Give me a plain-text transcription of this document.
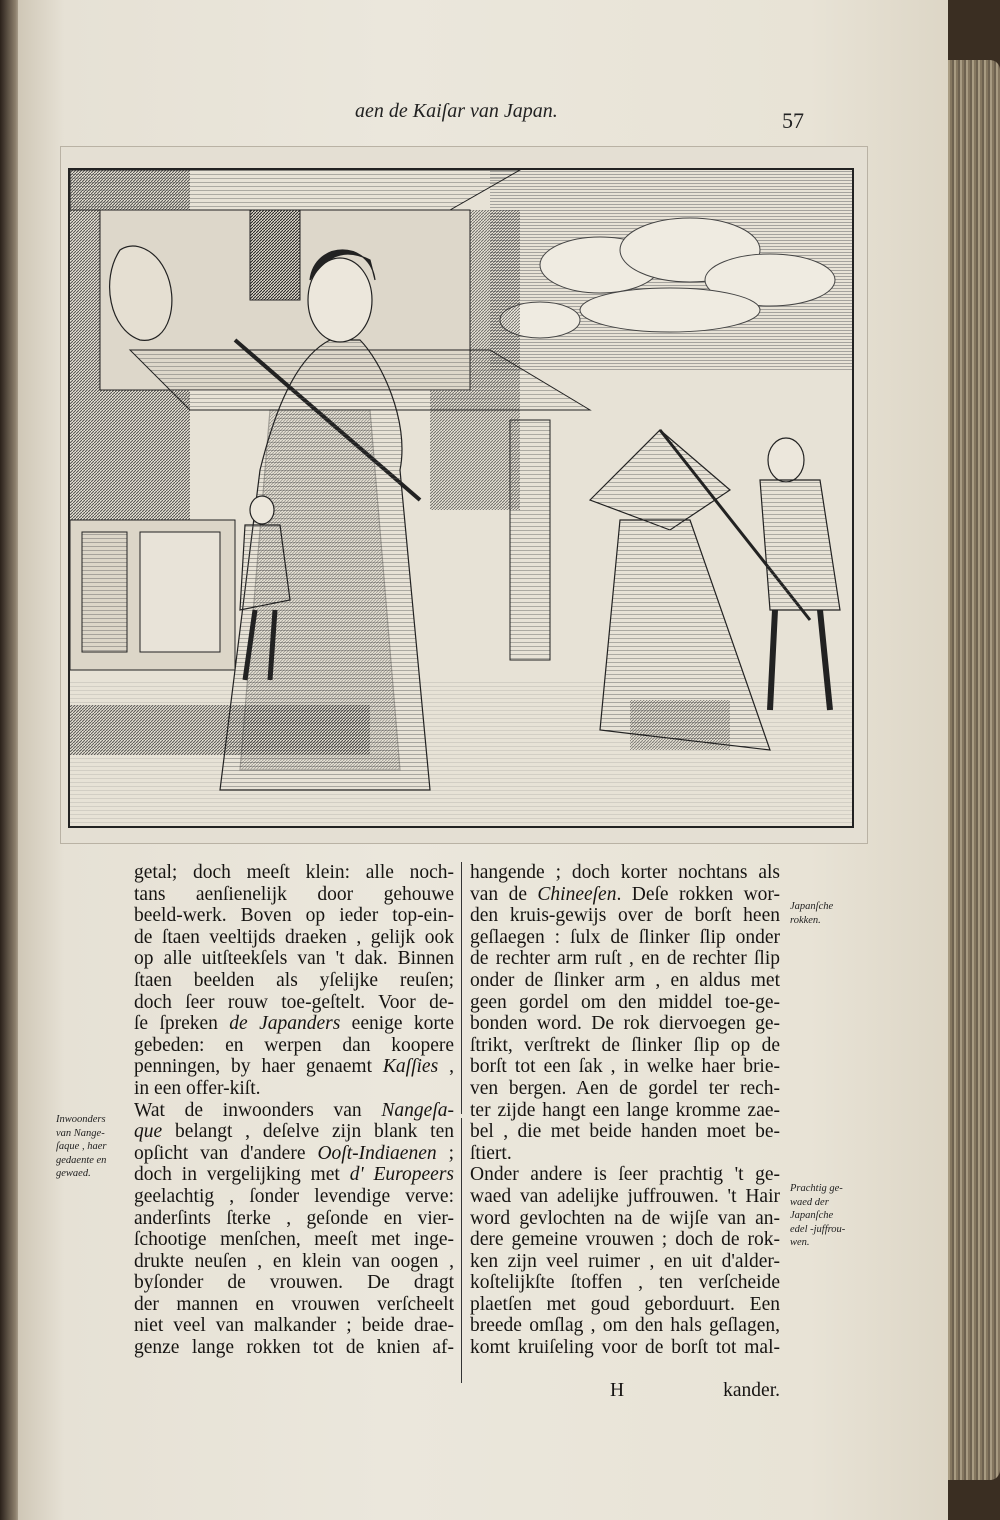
aen de Kaiſar van Japan.	57
getal; doch meeſt klein: alle noch-
tans aenſienelijk door gehouwe
beeld-werk. Boven op ieder top-ein-
de ſtaen veeltijds draeken , gelijk ook
op alle uitſteekſels van 't dak. Binnen
ſtaen beelden als yſelijke reuſen;
doch ſeer rouw toe-geſtelt. Voor de-
ſe ſpreken de Japanders eenige korte
gebeden: en werpen dan koopere
penningen, by haer genaemt Kaſſies ,
in een offer-kiſt.
Wat de inwoonders van Nangeſa-
que belangt , deſelve zijn blank ten
opſicht van d'andere Ooſt-Indiaenen ;
doch in vergelijking met d' Europeers
geelachtig , ſonder levendige verve:
anderſints ſterke , geſonde en vier-
ſchootige menſchen, meeſt met inge-
drukte neuſen , en klein van oogen ,
byſonder de vrouwen. De dragt
der mannen en vrouwen verſcheelt
niet veel van malkander ; beide drae-
genze lange rokken tot de knien af-
hangende ; doch korter nochtans als
van de Chineeſen. Deſe rokken wor-
den kruis-gewijs over de borſt heen
geſlaegen : ſulx de ſlinker ſlip onder
de rechter arm ruſt , en de rechter ſlip
onder de ſlinker arm , en aldus met
geen gordel om den middel toe-ge-
bonden word. De rok diervoegen ge-
ſtrikt, verſtrekt de ſlinker ſlip op de
borſt tot een ſak , in welke haer brie-
ven bergen. Aen de gordel ter rech-
ter zijde hangt een lange kromme zae-
bel , die met beide handen moet be-
ſtiert.
Onder andere is ſeer prachtig 't ge-
waed van adelijke juffrouwen. 't Hair
word gevlochten na de wijſe van an-
dere gemeine vrouwen ; doch de rok-
ken zijn veel ruimer , en uit d'alder-
koſtelijkſte ſtoffen , ten verſcheide
plaetſen met goud geborduurt. Een
breede omſlag , om den hals geſlagen,
komt kruiſeling voor de borſt tot mal-
H	kander.
Inwoonders
van Nange-
ſaque , haer
gedaente en
gewaed.
Japanſche
rokken.
Prachtig ge-
waed der
Japanſche
edel -juffrou-
wen.
